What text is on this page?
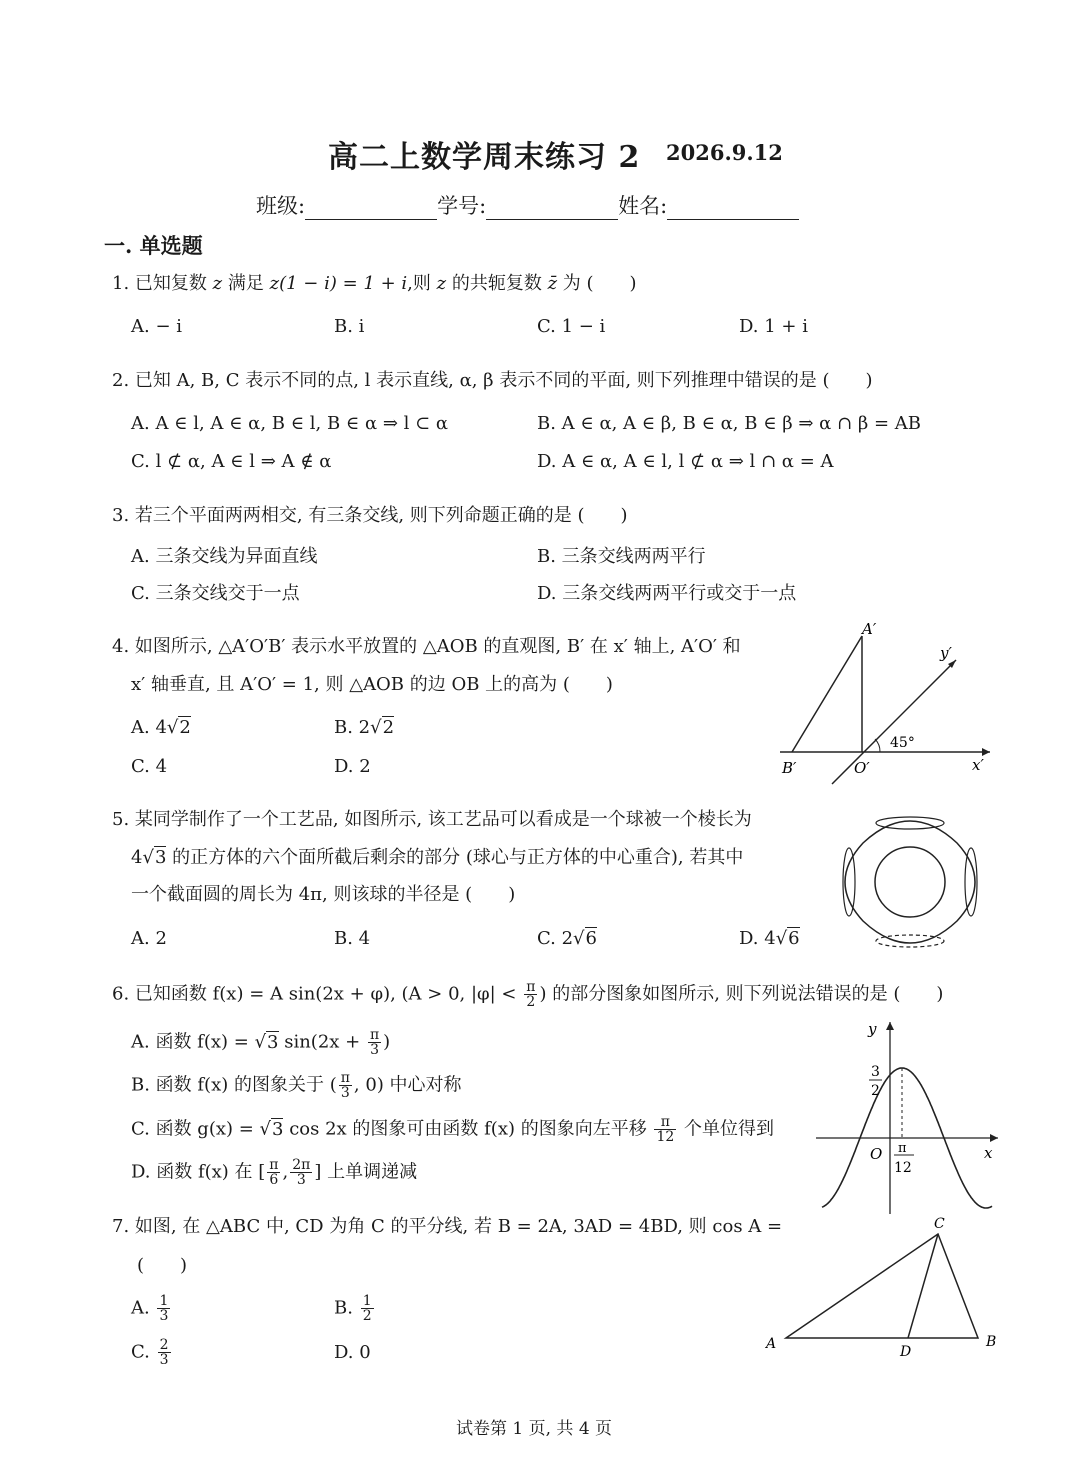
高二上数学周末练习 2 2026.9.12
班级:	学号:	姓名:
一. 单选题
1. 已知复数 z 满足 z(1 − i) = 1 + i,则 z 的共轭复数 z̄ 为 (　　)
A. − i	B. i	C. 1 − i	D. 1 + i
2. 已知 A, B, C 表示不同的点, l 表示直线, α, β 表示不同的平面, 则下列推理中错误的是 (　　)
A. A ∈ l, A ∈ α, B ∈ l, B ∈ α ⇒ l ⊂ α	B. A ∈ α, A ∈ β, B ∈ α, B ∈ β ⇒ α ∩ β = AB
C. l ⊄ α, A ∈ l ⇒ A ∉ α	D. A ∈ α, A ∈ l, l ⊄ α ⇒ l ∩ α = A
3. 若三个平面两两相交, 有三条交线, 则下列命题正确的是 (　　)
A. 三条交线为异面直线	B. 三条交线两两平行
C. 三条交线交于一点	D. 三条交线两两平行或交于一点
4. 如图所示, △A′O′B′ 表示水平放置的 △AOB 的直观图, B′ 在 x′ 轴上, A′O′ 和
x′ 轴垂直, 且 A′O′ = 1, 则 △AOB 的边 OB 上的高为 (　　)
A. 4√2	B. 2√2
C. 4	D. 2
A′
B′	O′	x′
y′
45°
5. 某同学制作了一个工艺品, 如图所示, 该工艺品可以看成是一个球被一个棱长为
4√3 的正方体的六个面所截后剩余的部分 (球心与正方体的中心重合), 若其中
一个截面圆的周长为 4π, 则该球的半径是 (　　)
A. 2	B. 4	C. 2√6	D. 4√6
6. 已知函数 f(x) = A sin(2x + φ), (A > 0, $|\varphi| < \frac{\pi}{2}$ ) 的部分图象如图所示, 则下列说法错误的是 (　　)
A. 函数 f(x) = √3 $\sin(2x + \frac{\pi}{3}$ )
B. 函数 f(x) 的图象关于 ( $\frac{\pi}{3}$ , 0) 中心对称
C. 函数 g(x) = √3 cos 2x 的图象可由函数 f(x) 的图象向左平移 $\frac{\pi}{12}$ 个单位得到
D. 函数 f(x) 在 [ $\frac{\pi}{6}$ , $\frac{2\pi}{3}$ ] 上单调递减
y
x
O
3
2
π
12
7. 如图, 在 △ABC 中, CD 为角 C 的平分线, 若 B = 2A, 3AD = 4BD, 则 cos A =
(　　)
A. $\frac{1}{3}$	B. $\frac{1}{2}$
C. $\frac{2}{3}$	D. 0	A	B
C
D
试卷第 1 页, 共 4 页
